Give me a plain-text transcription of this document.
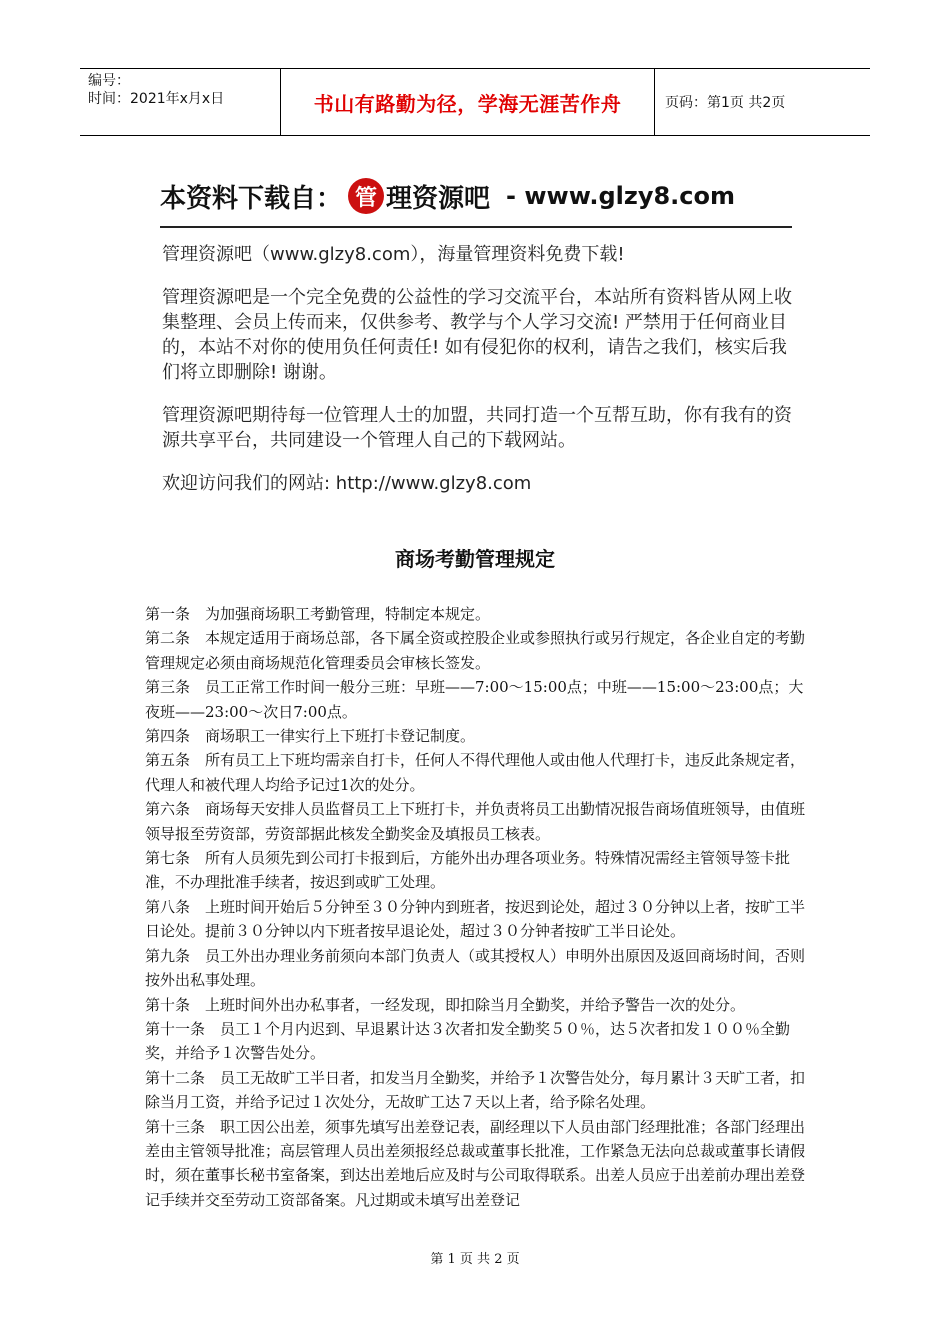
编号：
时间：2021年x月x日	书山有路勤为径，学海无涯苦作舟	页码：第1页 共2页
本资料下载自： 管 理资源吧 - www.glzy8.com

管理资源吧（www.glzy8.com），海量管理资料免费下载!

管理资源吧是一个完全免费的公益性的学习交流平台，本站所有资料皆从网上收集整理、会员上传而来，仅供参考、教学与个人学习交流! 严禁用于任何商业目的，本站不对你的使用负任何责任! 如有侵犯你的权利，请告之我们，核实后我们将立即删除! 谢谢。

管理资源吧期待每一位管理人士的加盟，共同打造一个互帮互助，你有我有的资源共享平台，共同建设一个管理人自己的下载网站。

欢迎访问我们的网站: http://www.glzy8.com

商场考勤管理规定

第一条　为加强商场职工考勤管理，特制定本规定。

第二条　本规定适用于商场总部，各下属全资或控股企业或参照执行或另行规定，各企业自定的考勤管理规定必须由商场规范化管理委员会审核长签发。

第三条　员工正常工作时间一般分三班：早班——7:00～15:00点；中班——15:00～23:00点；大夜班——23:00～次日7:00点。

第四条　商场职工一律实行上下班打卡登记制度。

第五条　所有员工上下班均需亲自打卡，任何人不得代理他人或由他人代理打卡，违反此条规定者，代理人和被代理人均给予记过1次的处分。

第六条　商场每天安排人员监督员工上下班打卡，并负责将员工出勤情况报告商场值班领导，由值班领导报至劳资部，劳资部据此核发全勤奖金及填报员工核表。

第七条　所有人员须先到公司打卡报到后，方能外出办理各项业务。特殊情况需经主管领导签卡批准，不办理批准手续者，按迟到或旷工处理。

第八条　上班时间开始后５分钟至３０分钟内到班者，按迟到论处，超过３０分钟以上者，按旷工半日论处。提前３０分钟以内下班者按早退论处，超过３０分钟者按旷工半日论处。

第九条　员工外出办理业务前须向本部门负责人（或其授权人）申明外出原因及返回商场时间，否则按外出私事处理。

第十条　上班时间外出办私事者，一经发现，即扣除当月全勤奖，并给予警告一次的处分。

第十一条　员工１个月内迟到、早退累计达３次者扣发全勤奖５０％，达５次者扣发１００％全勤奖，并给予１次警告处分。

第十二条　员工无故旷工半日者，扣发当月全勤奖，并给予１次警告处分，每月累计３天旷工者，扣除当月工资，并给予记过１次处分，无故旷工达７天以上者，给予除名处理。

第十三条　职工因公出差，须事先填写出差登记表，副经理以下人员由部门经理批准；各部门经理出差由主管领导批准；高层管理人员出差须报经总裁或董事长批准，工作紧急无法向总裁或董事长请假时，须在董事长秘书室备案，到达出差地后应及时与公司取得联系。出差人员应于出差前办理出差登记手续并交至劳动工资部备案。凡过期或未填写出差登记

第 1 页 共 2 页
